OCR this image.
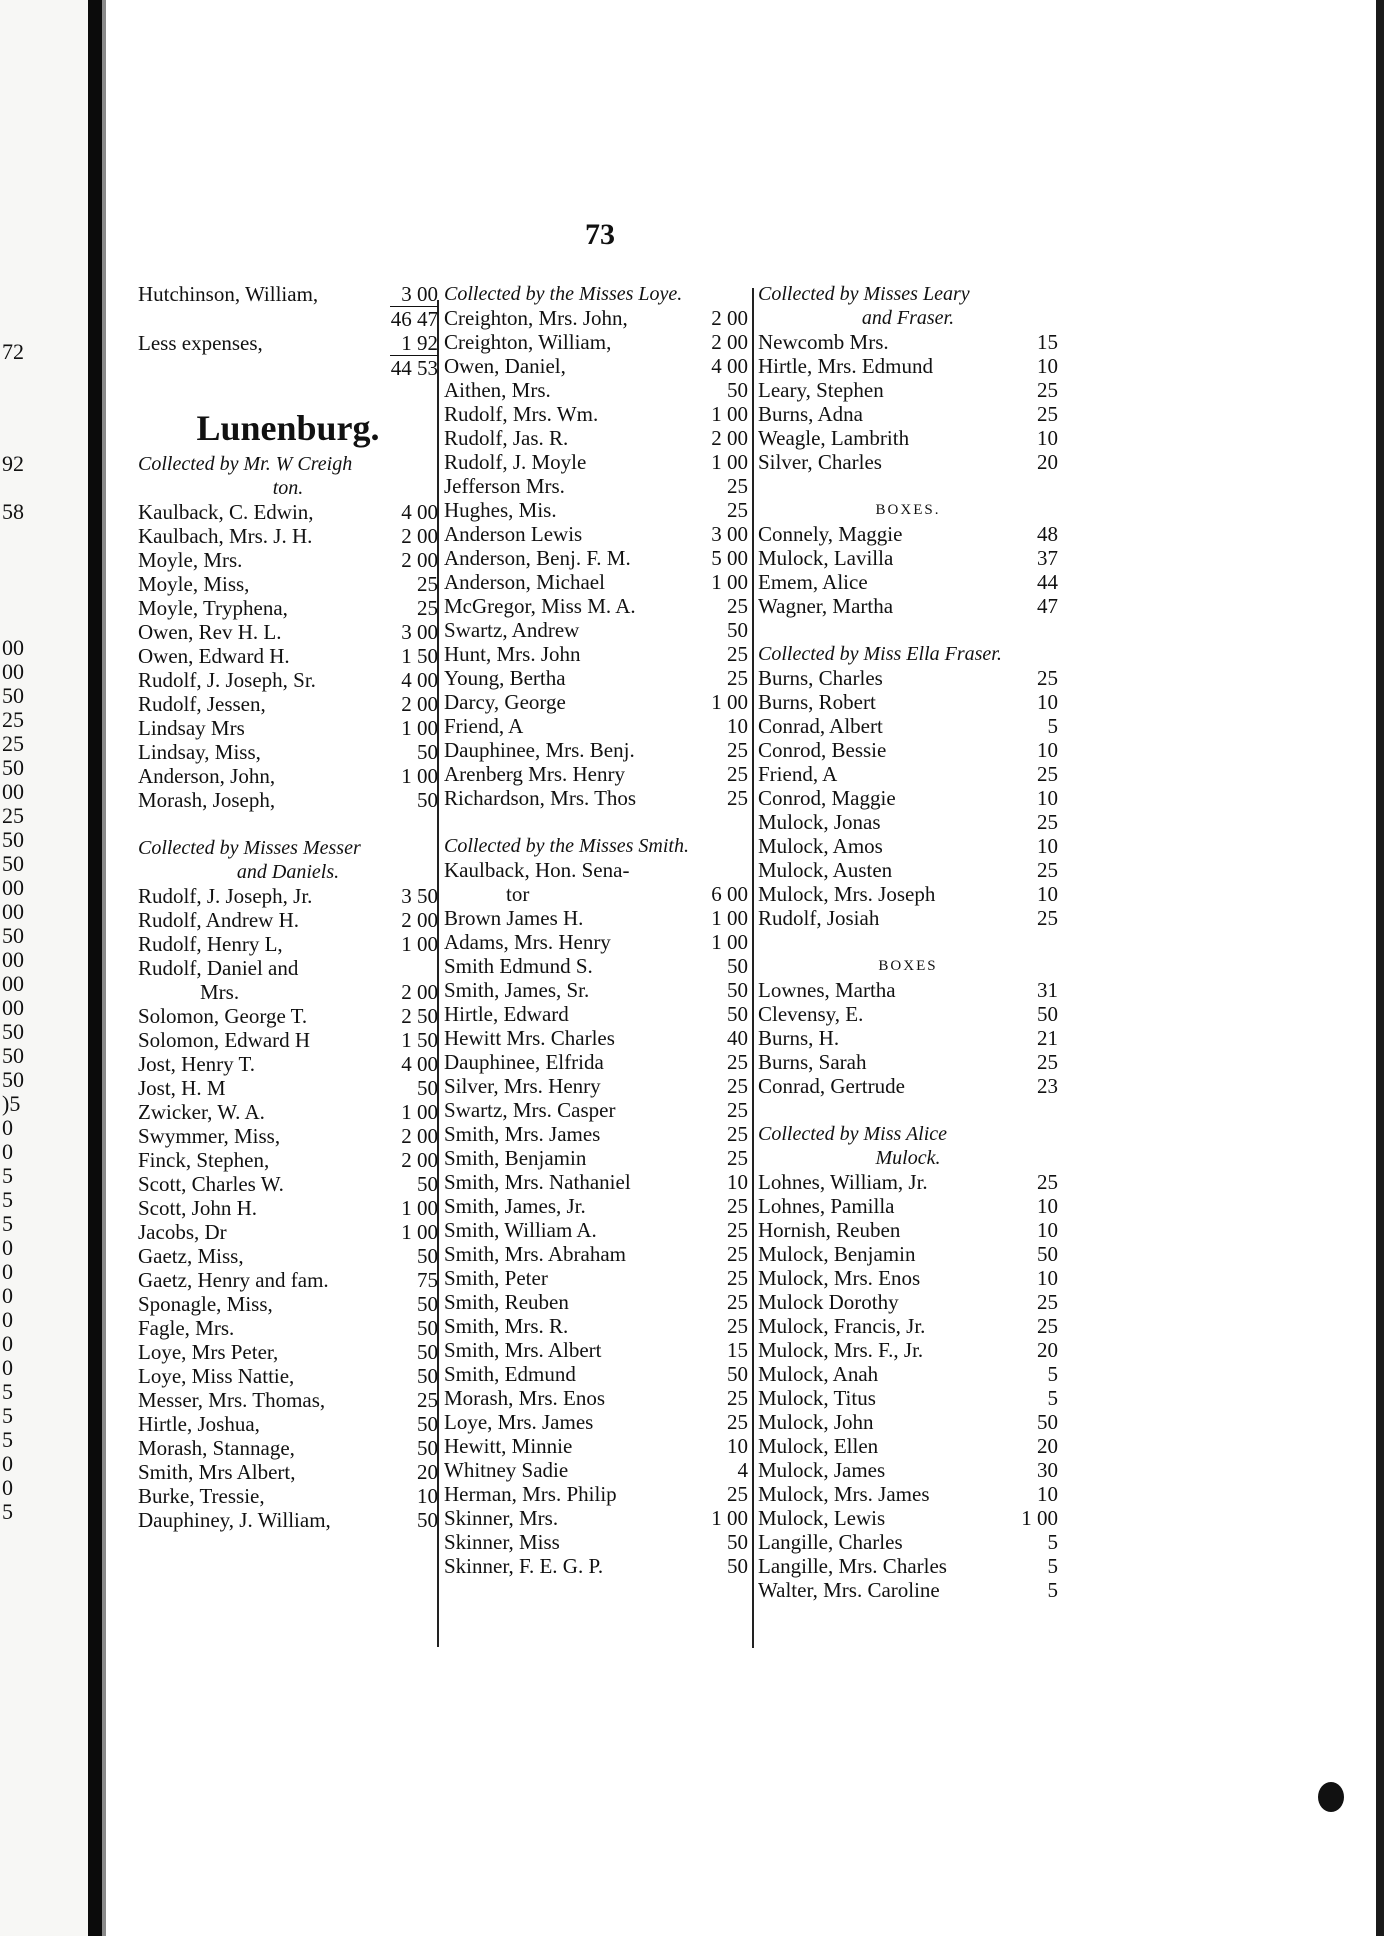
72
92
58
00
00
50
25
25
50
00
25
50
50
00
00
50
00
00
00
50
50
50
)5
0
0
5
5
5
0
0
0
0
0
0
5
5
5
0
0
5
73
Hutchinson, William,	3 00
46 47
Less expenses,	1 92
44 53
Lunenburg.
Collected by Mr. W Creigh
ton.
Kaulback, C. Edwin,	4 00
Kaulbach, Mrs. J. H.	2 00
Moyle, Mrs.	2 00
Moyle, Miss,	25
Moyle, Tryphena,	25
Owen, Rev H. L.	3 00
Owen, Edward H.	1 50
Rudolf, J. Joseph, Sr.	4 00
Rudolf, Jessen,	2 00
Lindsay Mrs	1 00
Lindsay, Miss,	50
Anderson, John,	1 00
Morash, Joseph,	50
Collected by Misses Messer
and Daniels.
Rudolf, J. Joseph, Jr.	3 50
Rudolf, Andrew H.	2 00
Rudolf, Henry L,	1 00
Rudolf, Daniel and
Mrs.	2 00
Solomon, George T.	2 50
Solomon, Edward H	1 50
Jost, Henry T.	4 00
Jost, H. M	50
Zwicker, W. A.	1 00
Swymmer, Miss,	2 00
Finck, Stephen,	2 00
Scott, Charles W.	50
Scott, John H.	1 00
Jacobs, Dr	1 00
Gaetz, Miss,	50
Gaetz, Henry and fam.	75
Sponagle, Miss,	50
Fagle, Mrs.	50
Loye, Mrs Peter,	50
Loye, Miss Nattie,	50
Messer, Mrs. Thomas,	25
Hirtle, Joshua,	50
Morash, Stannage,	50
Smith, Mrs Albert,	20
Burke, Tressie,	10
Dauphiney, J. William,	50
Collected by the Misses Loye.
Creighton, Mrs. John,	2 00
Creighton, William,	2 00
Owen, Daniel,	4 00
Aithen, Mrs.	50
Rudolf, Mrs. Wm.	1 00
Rudolf, Jas. R.	2 00
Rudolf, J. Moyle	1 00
Jefferson Mrs.	25
Hughes, Mis.	25
Anderson Lewis	3 00
Anderson, Benj. F. M.	5 00
Anderson, Michael	1 00
McGregor, Miss M. A.	25
Swartz, Andrew	50
Hunt, Mrs. John	25
Young, Bertha	25
Darcy, George	1 00
Friend, A	10
Dauphinee, Mrs. Benj.	25
Arenberg Mrs. Henry	25
Richardson, Mrs. Thos	25
Collected by the Misses Smith.
Kaulback, Hon. Sena-
tor	6 00
Brown James H.	1 00
Adams, Mrs. Henry	1 00
Smith Edmund S.	50
Smith, James, Sr.	50
Hirtle, Edward	50
Hewitt Mrs. Charles	40
Dauphinee, Elfrida	25
Silver, Mrs. Henry	25
Swartz, Mrs. Casper	25
Smith, Mrs. James	25
Smith, Benjamin	25
Smith, Mrs. Nathaniel	10
Smith, James, Jr.	25
Smith, William A.	25
Smith, Mrs. Abraham	25
Smith, Peter	25
Smith, Reuben	25
Smith, Mrs. R.	25
Smith, Mrs. Albert	15
Smith, Edmund	50
Morash, Mrs. Enos	25
Loye, Mrs. James	25
Hewitt, Minnie	10
Whitney Sadie	4
Herman, Mrs. Philip	25
Skinner, Mrs.	1 00
Skinner, Miss	50
Skinner, F. E. G. P.	50
Collected by Misses Leary
and Fraser.
Newcomb Mrs.	15
Hirtle, Mrs. Edmund	10
Leary, Stephen	25
Burns, Adna	25
Weagle, Lambrith	10
Silver, Charles	20
BOXES.
Connely, Maggie	48
Mulock, Lavilla	37
Emem, Alice	44
Wagner, Martha	47
Collected by Miss Ella Fraser.
Burns, Charles	25
Burns, Robert	10
Conrad, Albert	5
Conrod, Bessie	10
Friend, A	25
Conrod, Maggie	10
Mulock, Jonas	25
Mulock, Amos	10
Mulock, Austen	25
Mulock, Mrs. Joseph	10
Rudolf, Josiah	25
BOXES
Lownes, Martha	31
Clevensy, E.	50
Burns, H.	21
Burns, Sarah	25
Conrad, Gertrude	23
Collected by Miss Alice
Mulock.
Lohnes, William, Jr.	25
Lohnes, Pamilla	10
Hornish, Reuben	10
Mulock, Benjamin	50
Mulock, Mrs. Enos	10
Mulock Dorothy	25
Mulock, Francis, Jr.	25
Mulock, Mrs. F., Jr.	20
Mulock, Anah	5
Mulock, Titus	5
Mulock, John	50
Mulock, Ellen	20
Mulock, James	30
Mulock, Mrs. James	10
Mulock, Lewis	1 00
Langille, Charles	5
Langille, Mrs. Charles	5
Walter, Mrs. Caroline	5
